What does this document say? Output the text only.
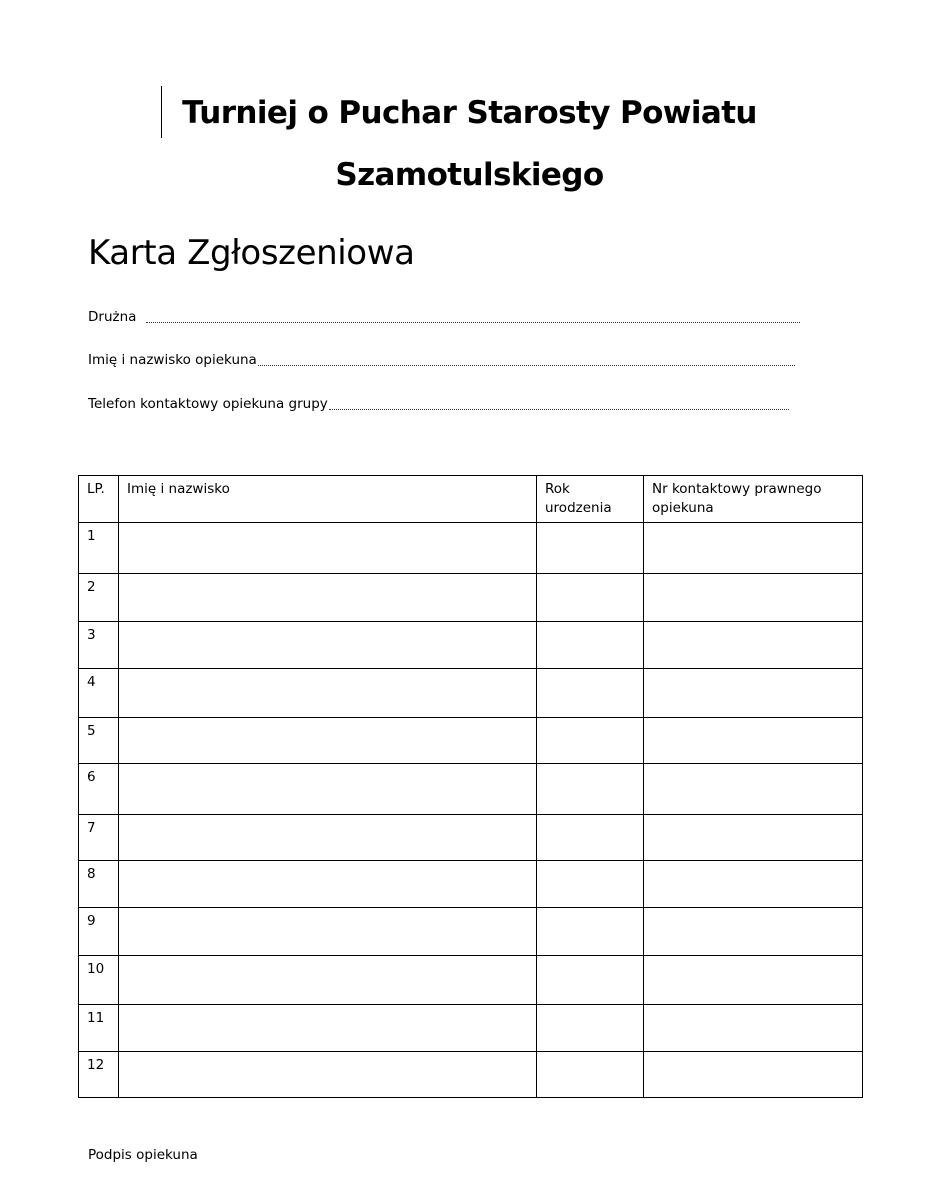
Turniej o Puchar Starosty Powiatu
Szamotulskiego
Karta Zgłoszeniowa
Drużna
Imię i nazwisko opiekuna
Telefon kontaktowy opiekuna grupy
LP.	Imię i nazwisko	Rok urodzenia	Nr kontaktowy prawnego opiekuna
1			
2			
3			
4			
5			
6			
7			
8			
9			
10			
11			
12			
Podpis opiekuna
